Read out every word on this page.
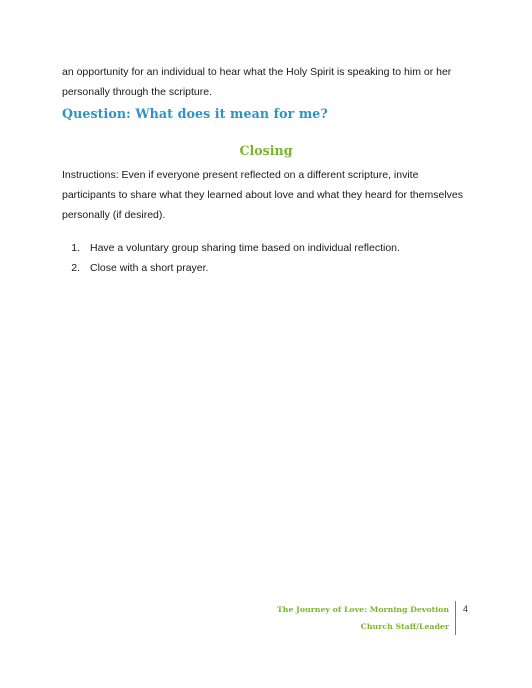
an opportunity for an individual to hear what the Holy Spirit is speaking to him or her personally through the scripture.

Question: What does it mean for me?
Closing

Instructions: Even if everyone present reflected on a different scripture, invite participants to share what they learned about love and what they heard for themselves personally (if desired).

1. Have a voluntary group sharing time based on individual reflection.
2. Close with a short prayer.
The Journey of Love: Morning Devotion
Church Staff/Leader
4
